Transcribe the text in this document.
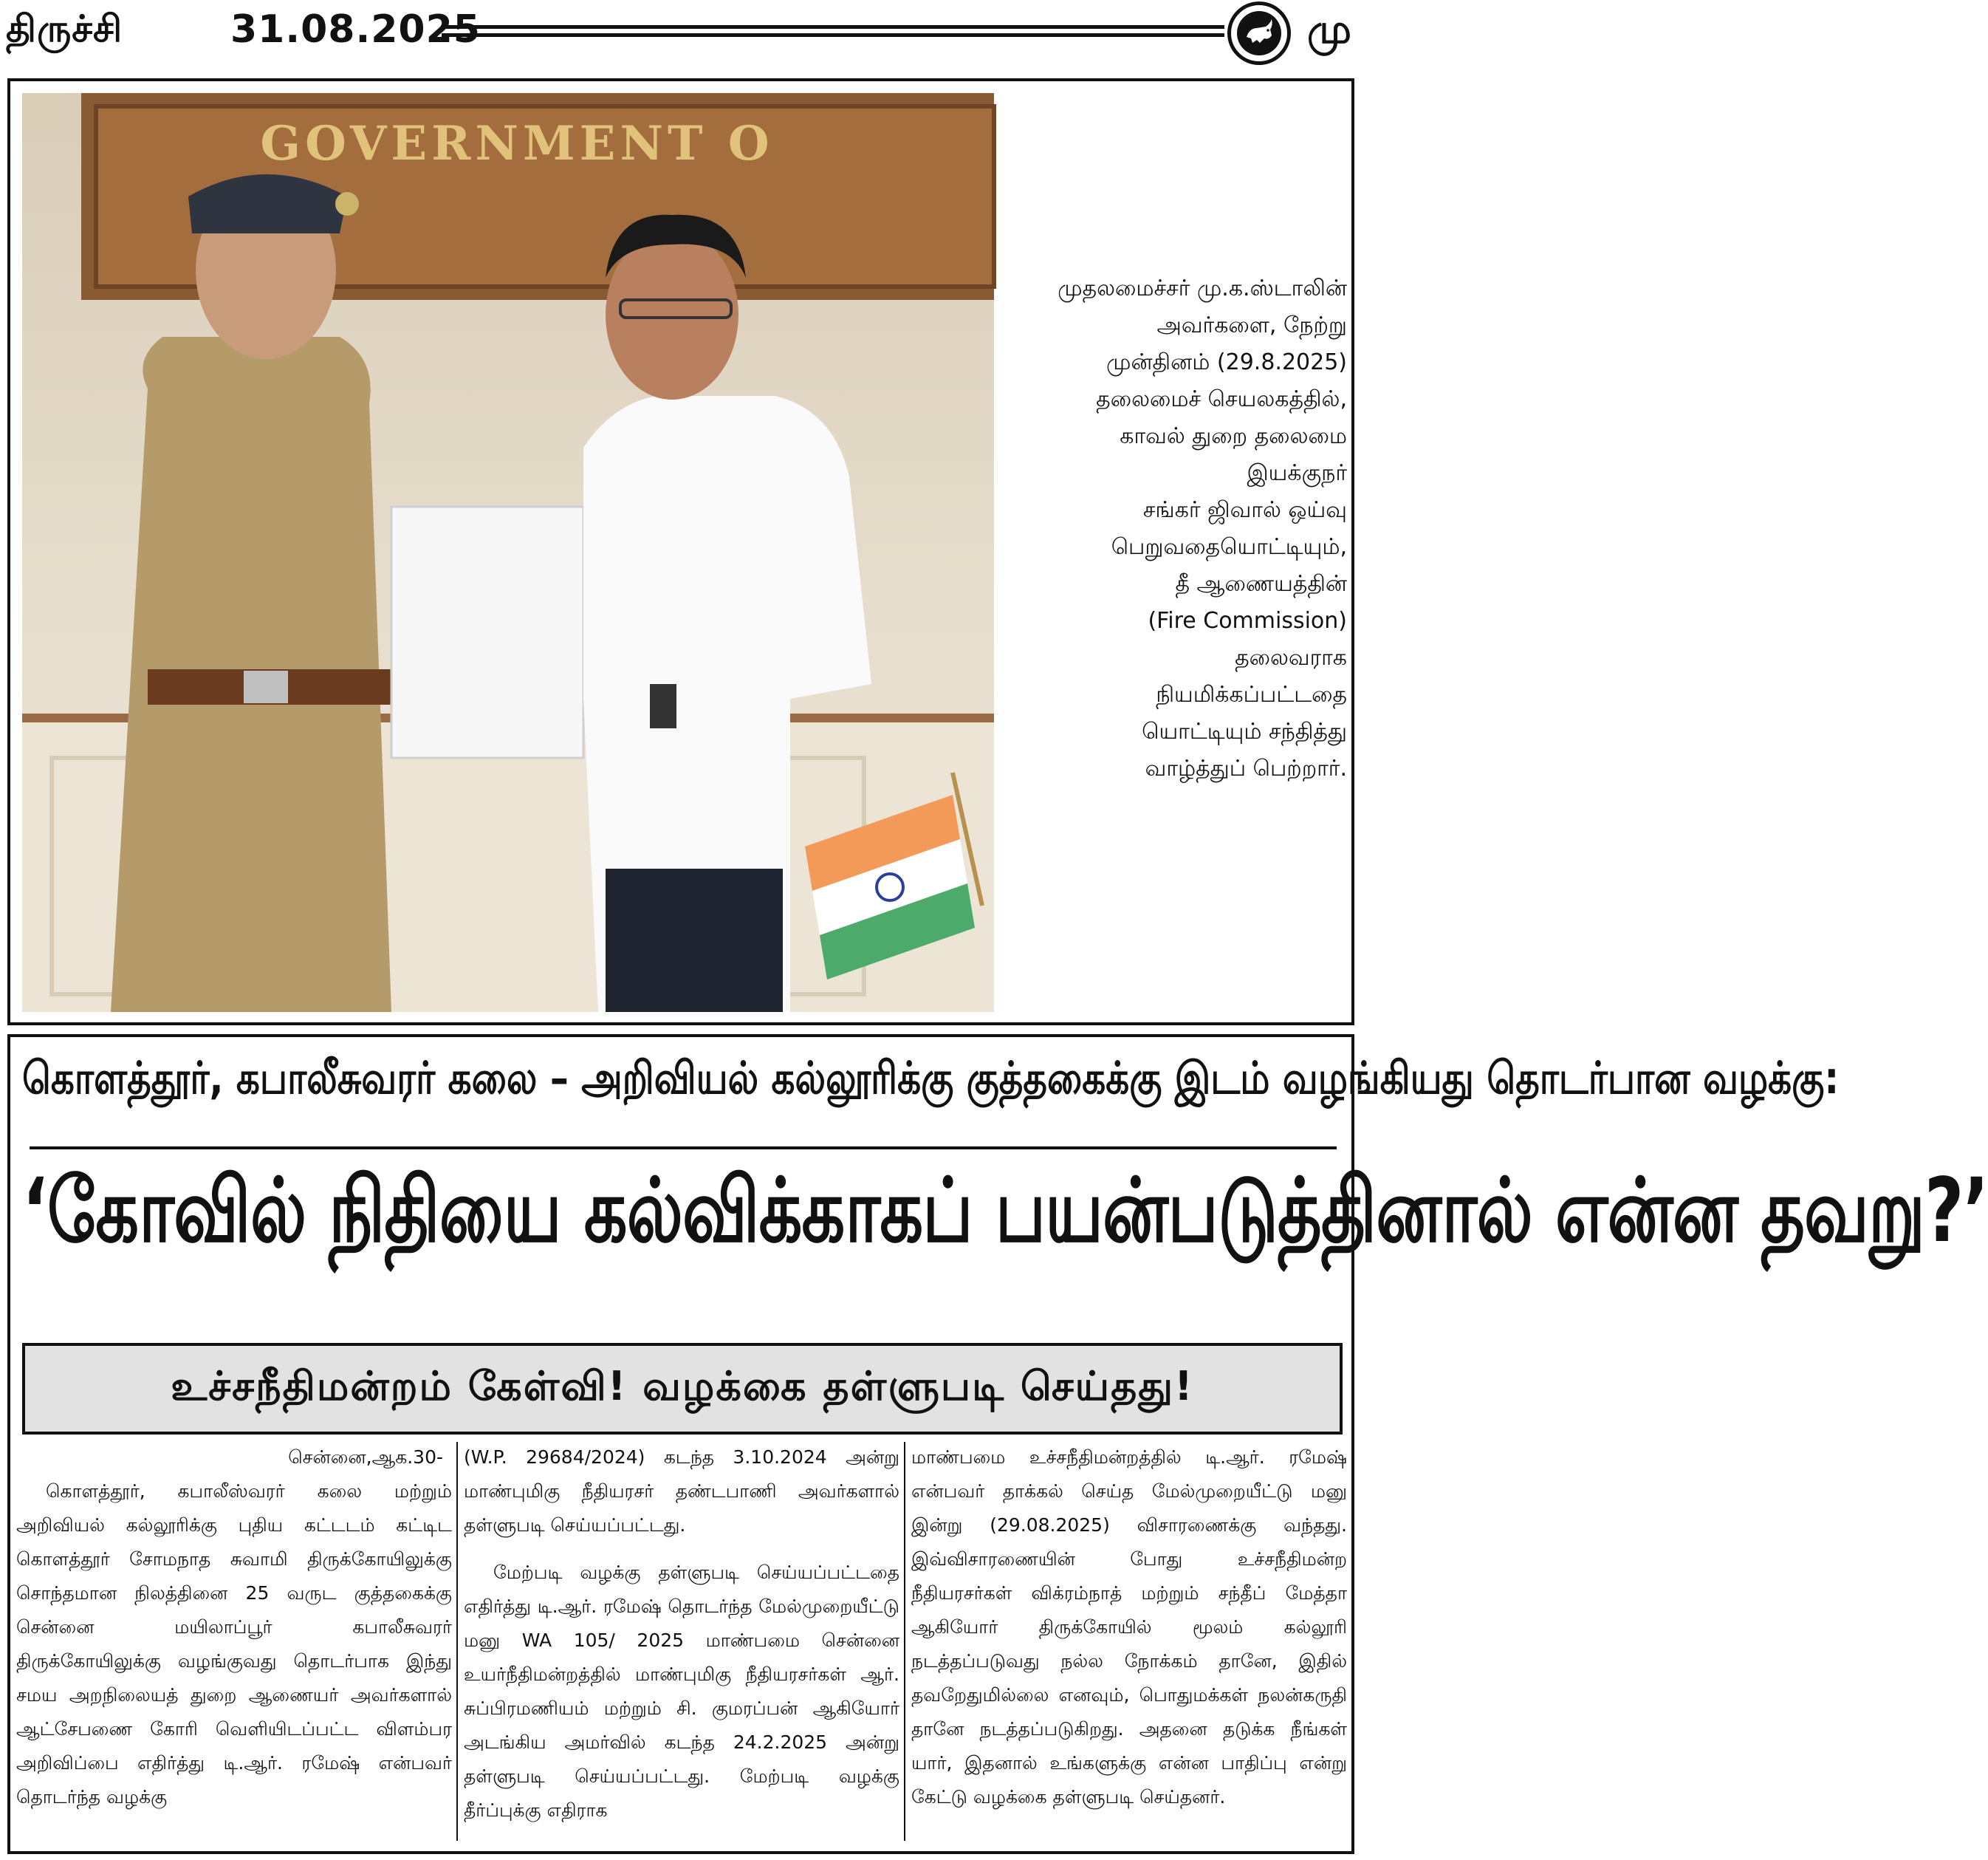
திருச்சி	31.08.2025	மு
GOVERNMENT O
முதலமைச்சர் மு.க.ஸ்டாலின்
அவர்களை, நேற்று
முன்தினம் (29.8.2025)
தலைமைச் செயலகத்தில்,
காவல் துறை தலைமை
இயக்குநர்
சங்கர் ஜிவால் ஒய்வு
பெறுவதையொட்டியும்,
தீ ஆணையத்தின்
(Fire Commission)
தலைவராக
நியமிக்கப்பட்டதை
யொட்டியும் சந்தித்து
வாழ்த்துப் பெற்றார்.
கொளத்தூர், கபாலீசுவரர் கலை – அறிவியல் கல்லூரிக்கு குத்தகைக்கு இடம் வழங்கியது தொடர்பான வழக்கு:
‘கோவில் நிதியை கல்விக்காகப் பயன்படுத்தினால் என்ன தவறு?’
உச்சநீதிமன்றம் கேள்வி! வழக்கை தள்ளுபடி செய்தது!
சென்னை,ஆக.30-

கொளத்தூர், கபாலீஸ்வரர் கலை மற்றும் அறிவியல் கல்லூரிக்கு புதிய கட்டடம் கட்டிட கொளத்தூர் சோமநாத சுவாமி திருக்கோயிலுக்கு சொந்தமான நிலத்தினை 25 வருட குத்தகைக்கு சென்னை மயிலாப்பூர் கபாலீசுவரர் திருக்கோயிலுக்கு வழங்குவது தொடர்பாக இந்து சமய அறநிலையத் துறை ஆணையர் அவர்களால் ஆட்சேபணை கோரி வெளியிடப்பட்ட விளம்பர அறிவிப்பை எதிர்த்து டி.ஆர். ரமேஷ் என்பவர் தொடர்ந்த வழக்கு

(W.P. 29684/2024) கடந்த 3.10.2024 அன்று மாண்புமிகு நீதியரசர் தண்டபாணி அவர்களால் தள்ளுபடி செய்யப்பட்டது.

மேற்படி வழக்கு தள்ளுபடி செய்யப்பட்டதை எதிர்த்து டி.ஆர். ரமேஷ் தொடர்ந்த மேல்முறையீட்டு மனு WA 105/ 2025 மாண்பமை சென்னை உயர்நீதிமன்றத்தில் மாண்புமிகு நீதியரசர்கள் ஆர். சுப்பிரமணியம் மற்றும் சி. குமரப்பன் ஆகியோர் அடங்கிய அமர்வில் கடந்த 24.2.2025 அன்று தள்ளுபடி செய்யப்பட்டது. மேற்படி வழக்கு தீர்ப்புக்கு எதிராக

மாண்பமை உச்சநீதிமன்றத்தில் டி.ஆர். ரமேஷ் என்பவர் தாக்கல் செய்த மேல்முறையீட்டு மனு இன்று (29.08.2025) விசாரணைக்கு வந்தது. இவ்விசாரணையின் போது உச்சநீதிமன்ற நீதியரசர்கள் விக்ரம்நாத் மற்றும் சந்தீப் மேத்தா ஆகியோர் திருக்கோயில் மூலம் கல்லூரி நடத்தப்படுவது நல்ல நோக்கம் தானே, இதில் தவறேதுமில்லை எனவும், பொதுமக்கள் நலன்கருதி தானே நடத்தப்படுகிறது. அதனை தடுக்க நீங்கள் யார், இதனால் உங்களுக்கு என்ன பாதிப்பு என்று கேட்டு வழக்கை தள்ளுபடி செய்தனர்.
